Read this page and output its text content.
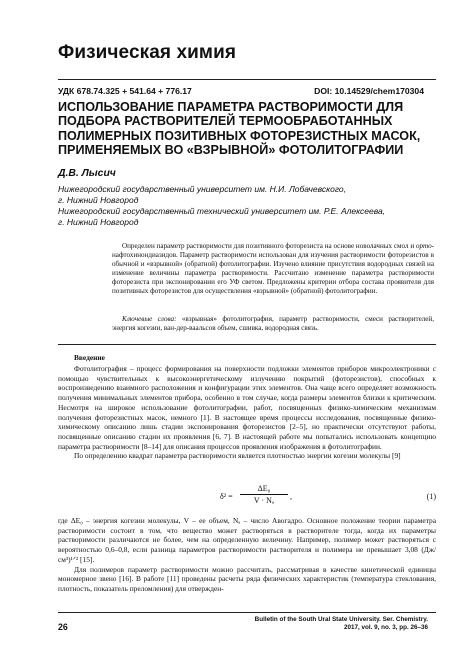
Физическая химия
УДК 678.74.325 + 541.64 + 776.17	DOI: 10.14529/chem170304
ИСПОЛЬЗОВАНИЕ ПАРАМЕТРА РАСТВОРИМОСТИ ДЛЯ ПОДБОРА РАСТВОРИТЕЛЕЙ ТЕРМООБРАБОТАННЫХ ПОЛИМЕРНЫХ ПОЗИТИВНЫХ ФОТОРЕЗИСТНЫХ МАСОК, ПРИМЕНЯЕМЫХ ВО «ВЗРЫВНОЙ» ФОТОЛИТОГРАФИИ
Д.В. Лысич
Нижегородский государственный университет им. Н.И. Лобачевского,
г. Нижний Новгород
Нижегородский государственный технический университет им. Р.Е. Алексеева,
г. Нижний Новгород

Определен параметр растворимости для позитивного фоторезиста на основе новолачных смол и орто-нафтохинондиазидов. Параметр растворимости использован для изучения растворимости фоторезистов в обычной и «взрывной» (обратной) фотолитографии. Изучено влияние присутствия водородных связей на изменение величины параметра растворимости. Рассчитано изменение параметра растворимости фоторезиста при экспонировании его УФ светом. Предложены критерии отбора состава проявителя для позитивных фоторезистов для осуществления «взрывной» (обратной) фотолитографии.

Ключевые слова: «взрывная» фотолитография, параметр растворимости, смеси растворителей, энергия когезии, ван-дер-ваальсов объем, сшивка, водородная связь.
Введение

Фотолитография – процесс формирования на поверхности подложки элементов приборов микроэлектроники с помощью чувствительных к высокоэнергетическому излучению покрытий (фоторезистов), способных к воспроизведению взаимного расположения и конфигурации этих элементов. Она чаще всего определяет возможность получения минимальных элементов прибора, особенно в том случае, когда размеры элементов близки к критическим. Несмотря на широкое использование фотолитографии, работ, посвященных физико-химическим механизмам получения фоторезистных масок, немного [1]. В настоящее время процессы исследования, посвященные физико-химическому описанию лишь стадии экспонирования фоторезистов [2–5], но практически отсутствуют работы, посвященные описанию стадии их проявления [6, 7]. В настоящей работе мы попытались использовать концепцию параметра растворимости [8–14] для описания процессов проявления изображения в фотолитографии.

По определению квадрат параметра растворимости является плотностью энергии когезии молекулы [9]

$\delta^2 = \frac{\text{ΔE₀}}{\text{V · Nₐ}}$ ,	(1)

где ΔE₀ – энергия когезии молекулы, V – ее объем, Nₐ – число Авогадро. Основное положение теории параметра растворимости состоит в том, что вещество может растворяться в растворителе тогда, когда их параметры растворимости различаются не более, чем на определенную величину. Например, полимер может растворяться с вероятностью 0,6–0,8, если разница параметров растворимости растворителя и полимера не превышает 3,08 (Дж/см³)¹ᐟ² [15].

Для полимеров параметр растворимости можно рассчитать, рассматривая в качестве кинетической единицы мономерное звено [16]. В работе [11] проведены расчеты ряда физических характеристик (температура стеклования, плотность, показатель преломления) для отвержден-

26
Bulletin of the South Ural State University. Ser. Chemistry.
2017, vol. 9, no. 3, pp. 26–36
